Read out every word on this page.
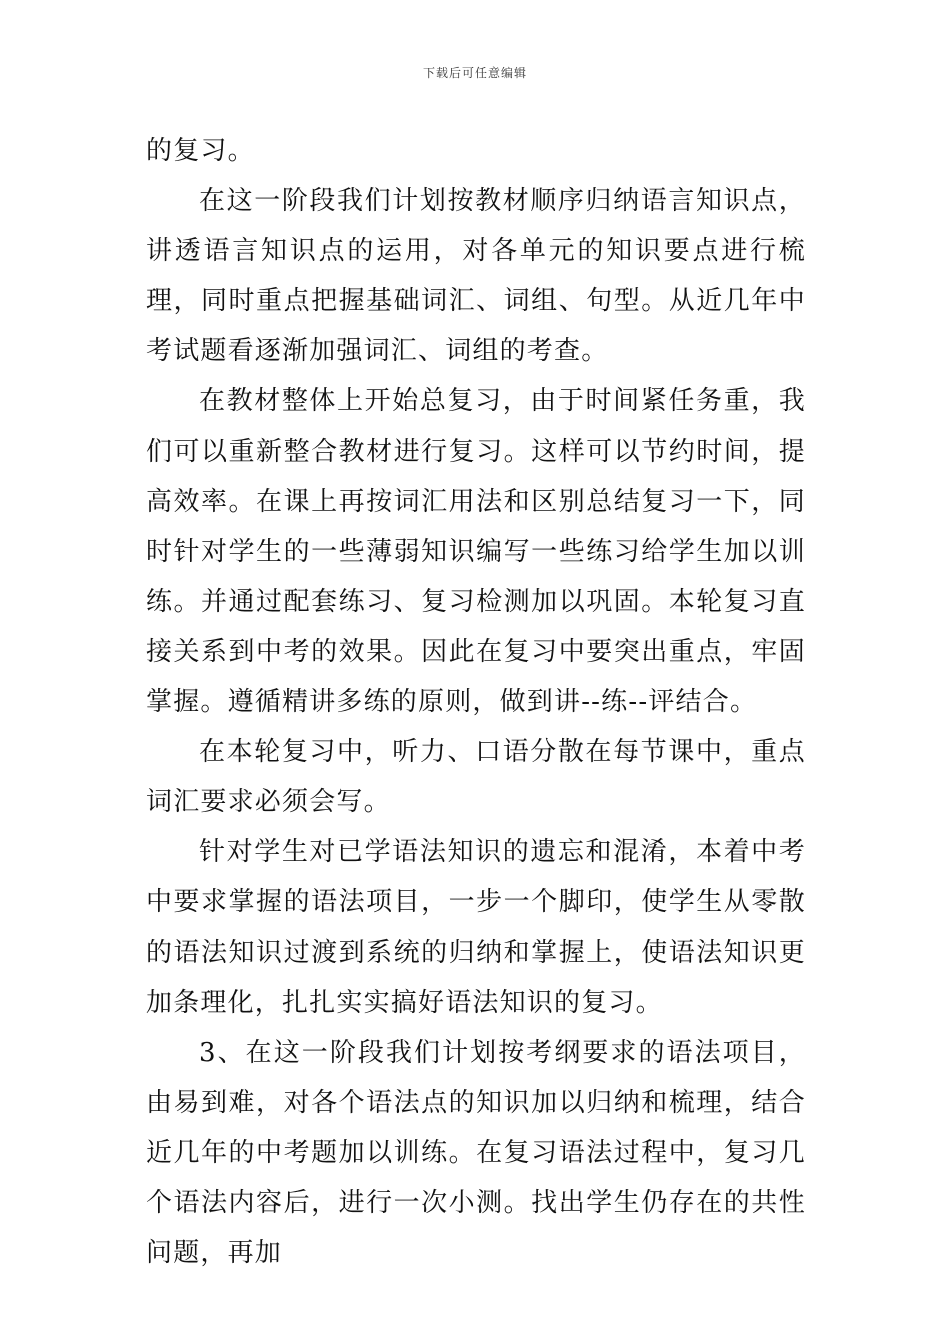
下载后可任意编辑

的复习。

在这一阶段我们计划按教材顺序归纳语言知识点，讲透语言知识点的运用，对各单元的知识要点进行梳理，同时重点把握基础词汇、词组、句型。从近几年中考试题看逐渐加强词汇、词组的考查。

在教材整体上开始总复习，由于时间紧任务重，我们可以重新整合教材进行复习。这样可以节约时间，提高效率。在课上再按词汇用法和区别总结复习一下，同时针对学生的一些薄弱知识编写一些练习给学生加以训练。并通过配套练习、复习检测加以巩固。本轮复习直接关系到中考的效果。因此在复习中要突出重点，牢固掌握。遵循精讲多练的原则，做到讲--练--评结合。

在本轮复习中，听力、口语分散在每节课中，重点词汇要求必须会写。

针对学生对已学语法知识的遗忘和混淆，本着中考中要求掌握的语法项目，一步一个脚印，使学生从零散的语法知识过渡到系统的归纳和掌握上，使语法知识更加条理化，扎扎实实搞好语法知识的复习。

3、在这一阶段我们计划按考纲要求的语法项目，由易到难，对各个语法点的知识加以归纳和梳理，结合近几年的中考题加以训练。在复习语法过程中，复习几个语法内容后，进行一次小测。找出学生仍存在的共性问题，再加
